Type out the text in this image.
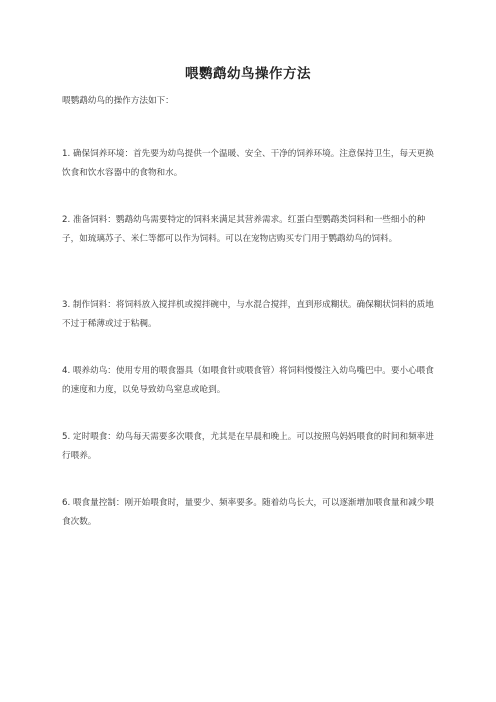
喂鹦鹉幼鸟操作方法
喂鹦鹉幼鸟的操作方法如下：
1. 确保饲养环境：首先要为幼鸟提供一个温暖、安全、干净的饲养环境。注意保持卫生，每天更换饮食和饮水容器中的食物和水。
2. 准备饲料：鹦鹉幼鸟需要特定的饲料来满足其营养需求。红蛋白型鹦鹉类饲料和一些细小的种子，如琉璃苏子、米仁等都可以作为饲料。可以在宠物店购买专门用于鹦鹉幼鸟的饲料。
3. 制作饲料：将饲料放入搅拌机或搅拌碗中，与水混合搅拌，直到形成糊状。确保糊状饲料的质地不过于稀薄或过于粘稠。
4. 喂养幼鸟：使用专用的喂食器具（如喂食针或喂食管）将饲料慢慢注入幼鸟嘴巴中。要小心喂食的速度和力度，以免导致幼鸟窒息或呛到。
5. 定时喂食：幼鸟每天需要多次喂食，尤其是在早晨和晚上。可以按照鸟妈妈喂食的时间和频率进行喂养。
6. 喂食量控制：刚开始喂食时，量要少、频率要多。随着幼鸟长大，可以逐渐增加喂食量和减少喂食次数。
